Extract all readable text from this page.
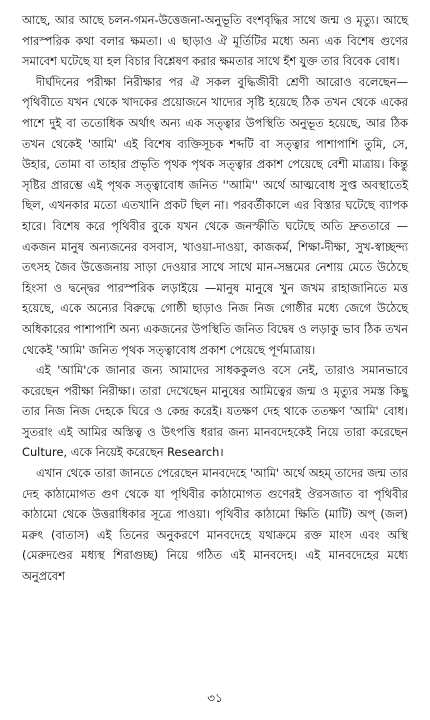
আছে, আর আছে চলন-গমন-উত্তেজনা-অনুভূতি বংশবৃদ্ধির সাথে জন্ম ও মৃত্যু। আছে পারস্পরিক কথা বলার ক্ষমতা। এ ছাড়াও ঐ মূর্তিটির মধ্যে অন্য এক বিশেষ গুণের সমাবেশ ঘটেছে যা হল বিচার বিশ্লেষণ করার ক্ষমতার সাথে হঁশ যুক্ত তার বিবেক বোধ।

দীর্ঘদিনের পরীক্ষা নিরীক্ষার পর ঐ সকল বুদ্ধিজীবী শ্রেণী আরোও বলেছেন— পৃথিবীতে যখন থেকে খাদকের প্রয়োজনে খাদ্যের সৃষ্টি হয়েছে ঠিক তখন থেকে একের পাশে দুই বা ততোধিক অর্থাৎ অন্য এক সত্ত্বার উপস্থিতি অনুভূত হয়েছে, আর ঠিক তখন থেকেই 'আমি' এই বিশেষ ব্যক্তিসূচক শব্দটি বা সত্ত্বার পাশাপাশি তুমি, সে, উহার, তোমা বা তাহার প্রভৃতি পৃথক পৃথক সত্ত্বার প্রকাশ পেয়েছে বেশী মাত্রায়। কিন্তু সৃষ্টির প্রারম্ভে এই পৃথক সত্ত্বাবোধ জনিত ''আমি'' অর্থে আত্মবোধ সুপ্ত অবস্থাতেই ছিল, এখনকার মতো এতখানি প্রকট ছিল না। পরবর্তীকালে এর বিস্তার ঘটেছে ব্যাপক হারে। বিশেষ করে পৃথিবীর বুকে যখন থেকে জনস্ফীতি ঘটেছে অতি দ্রুততারে — একজন মানুষ অন্যজনের বসবাস, খাওয়া-দাওয়া, কাজকর্ম, শিক্ষা-দীক্ষা, সুখ-স্বাচ্ছন্দ্য তৎসহ জৈব উত্তেজনায় সাড়া দেওয়ার সাথে সাথে মান-সম্ভ্রমের নেশায় মেতে উঠেছে হিংসা ও দ্বন্দ্বের পারস্পরিক লড়াইয়ে —মানুষ মানুষে খুন জখম রাহাজানিতে মত্ত হয়েছে, একে অন্যের বিরুদ্ধে গোষ্ঠী ছাড়াও নিজ নিজ গোষ্ঠীর মধ্যে জেগে উঠেছে অধিকারের পাশাপাশি অন্য একজনের উপস্থিতি জনিত বিদ্বেষ ও লড়াকু ভাব ঠিক তখন থেকেই 'আমি' জনিত পৃথক সত্ত্বাবোধ প্রকাশ পেয়েছে পূর্ণমাত্রায়।

এই 'আমি'কে জানার জন্য আমাদের সাধককুলও বসে নেই, তারাও সমানভাবে করেছেন পরীক্ষা নিরীক্ষা। তারা দেখেছেন মানুষের আমিত্বের জন্ম ও মৃত্যুর সমস্ত কিছু তার নিজ নিজ দেহকে ঘিরে ও কেন্দ্র করেই। যতক্ষণ দেহ থাকে ততক্ষণ 'আমি' বোধ। সুতরাং এই আমির অস্তিত্ব ও উৎপত্তি ধরার জন্য মানবদেহকেই নিয়ে তারা করেছেন Culture, একে নিয়েই করেছেন Research।

এখান থেকে তারা জানতে পেরেছেন মানবদেহে 'আমি' অর্থে অহম্ তাদের জন্ম তার দেহ কাঠামোগত গুণ থেকে যা পৃথিবীর কাঠামোগত গুণেরই ঔরসজাত বা পৃথিবীর কাঠামো থেকে উত্তরাধিকার সূত্রে পাওয়া। পৃথিবীর কাঠামো ক্ষিতি (মাটি) অপ্ (জল) মরুৎ (বাতাস) এই তিনের অনুকরণে মানবদেহে যথাক্রমে রক্ত মাংস এবং অস্থি (মেরুদণ্ডের মধ্যস্থ শিরাগুচ্ছ) নিয়ে গঠিত এই মানবদেহ। এই মানবদেহের মধ্যে অনুপ্রবেশ

৩১
